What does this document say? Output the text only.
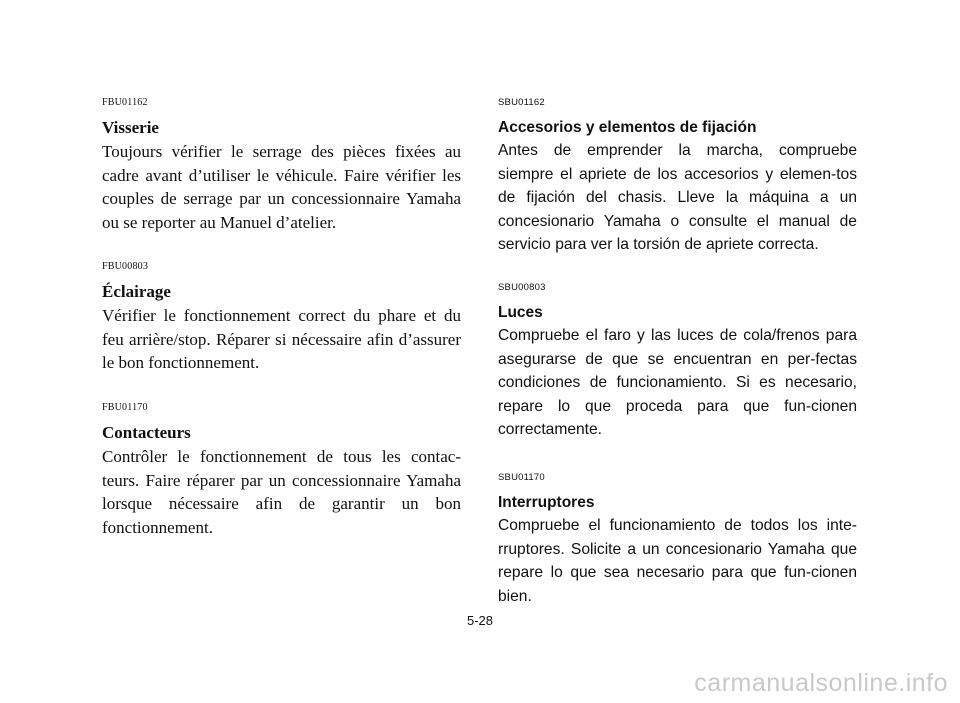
FBU01162

Visserie

Toujours vérifier le serrage des pièces fixées au cadre avant d’utiliser le véhicule. Faire vérifier les couples de serrage par un concessionnaire Yamaha ou se reporter au Manuel d’atelier.

FBU00803

Éclairage

Vérifier le fonctionnement correct du phare et du feu arrière/stop. Réparer si nécessaire afin d’assurer le bon fonctionnement.

FBU01170

Contacteurs

Contrôler le fonctionnement de tous les contac-teurs. Faire réparer par un concessionnaire Yamaha lorsque nécessaire afin de garantir un bon fonctionnement.

SBU01162

Accesorios y elementos de fijación

Antes de emprender la marcha, compruebe siempre el apriete de los accesorios y elemen-tos de fijación del chasis. Lleve la máquina a un concesionario Yamaha o consulte el manual de servicio para ver la torsión de apriete correcta.

SBU00803

Luces

Compruebe el faro y las luces de cola/frenos para asegurarse de que se encuentran en per-fectas condiciones de funcionamiento. Si es necesario, repare lo que proceda para que fun-cionen correctamente.

SBU01170

Interruptores

Compruebe el funcionamiento de todos los inte-rruptores. Solicite a un concesionario Yamaha que repare lo que sea necesario para que fun-cionen bien.

5-28
carmanualsonline.info
